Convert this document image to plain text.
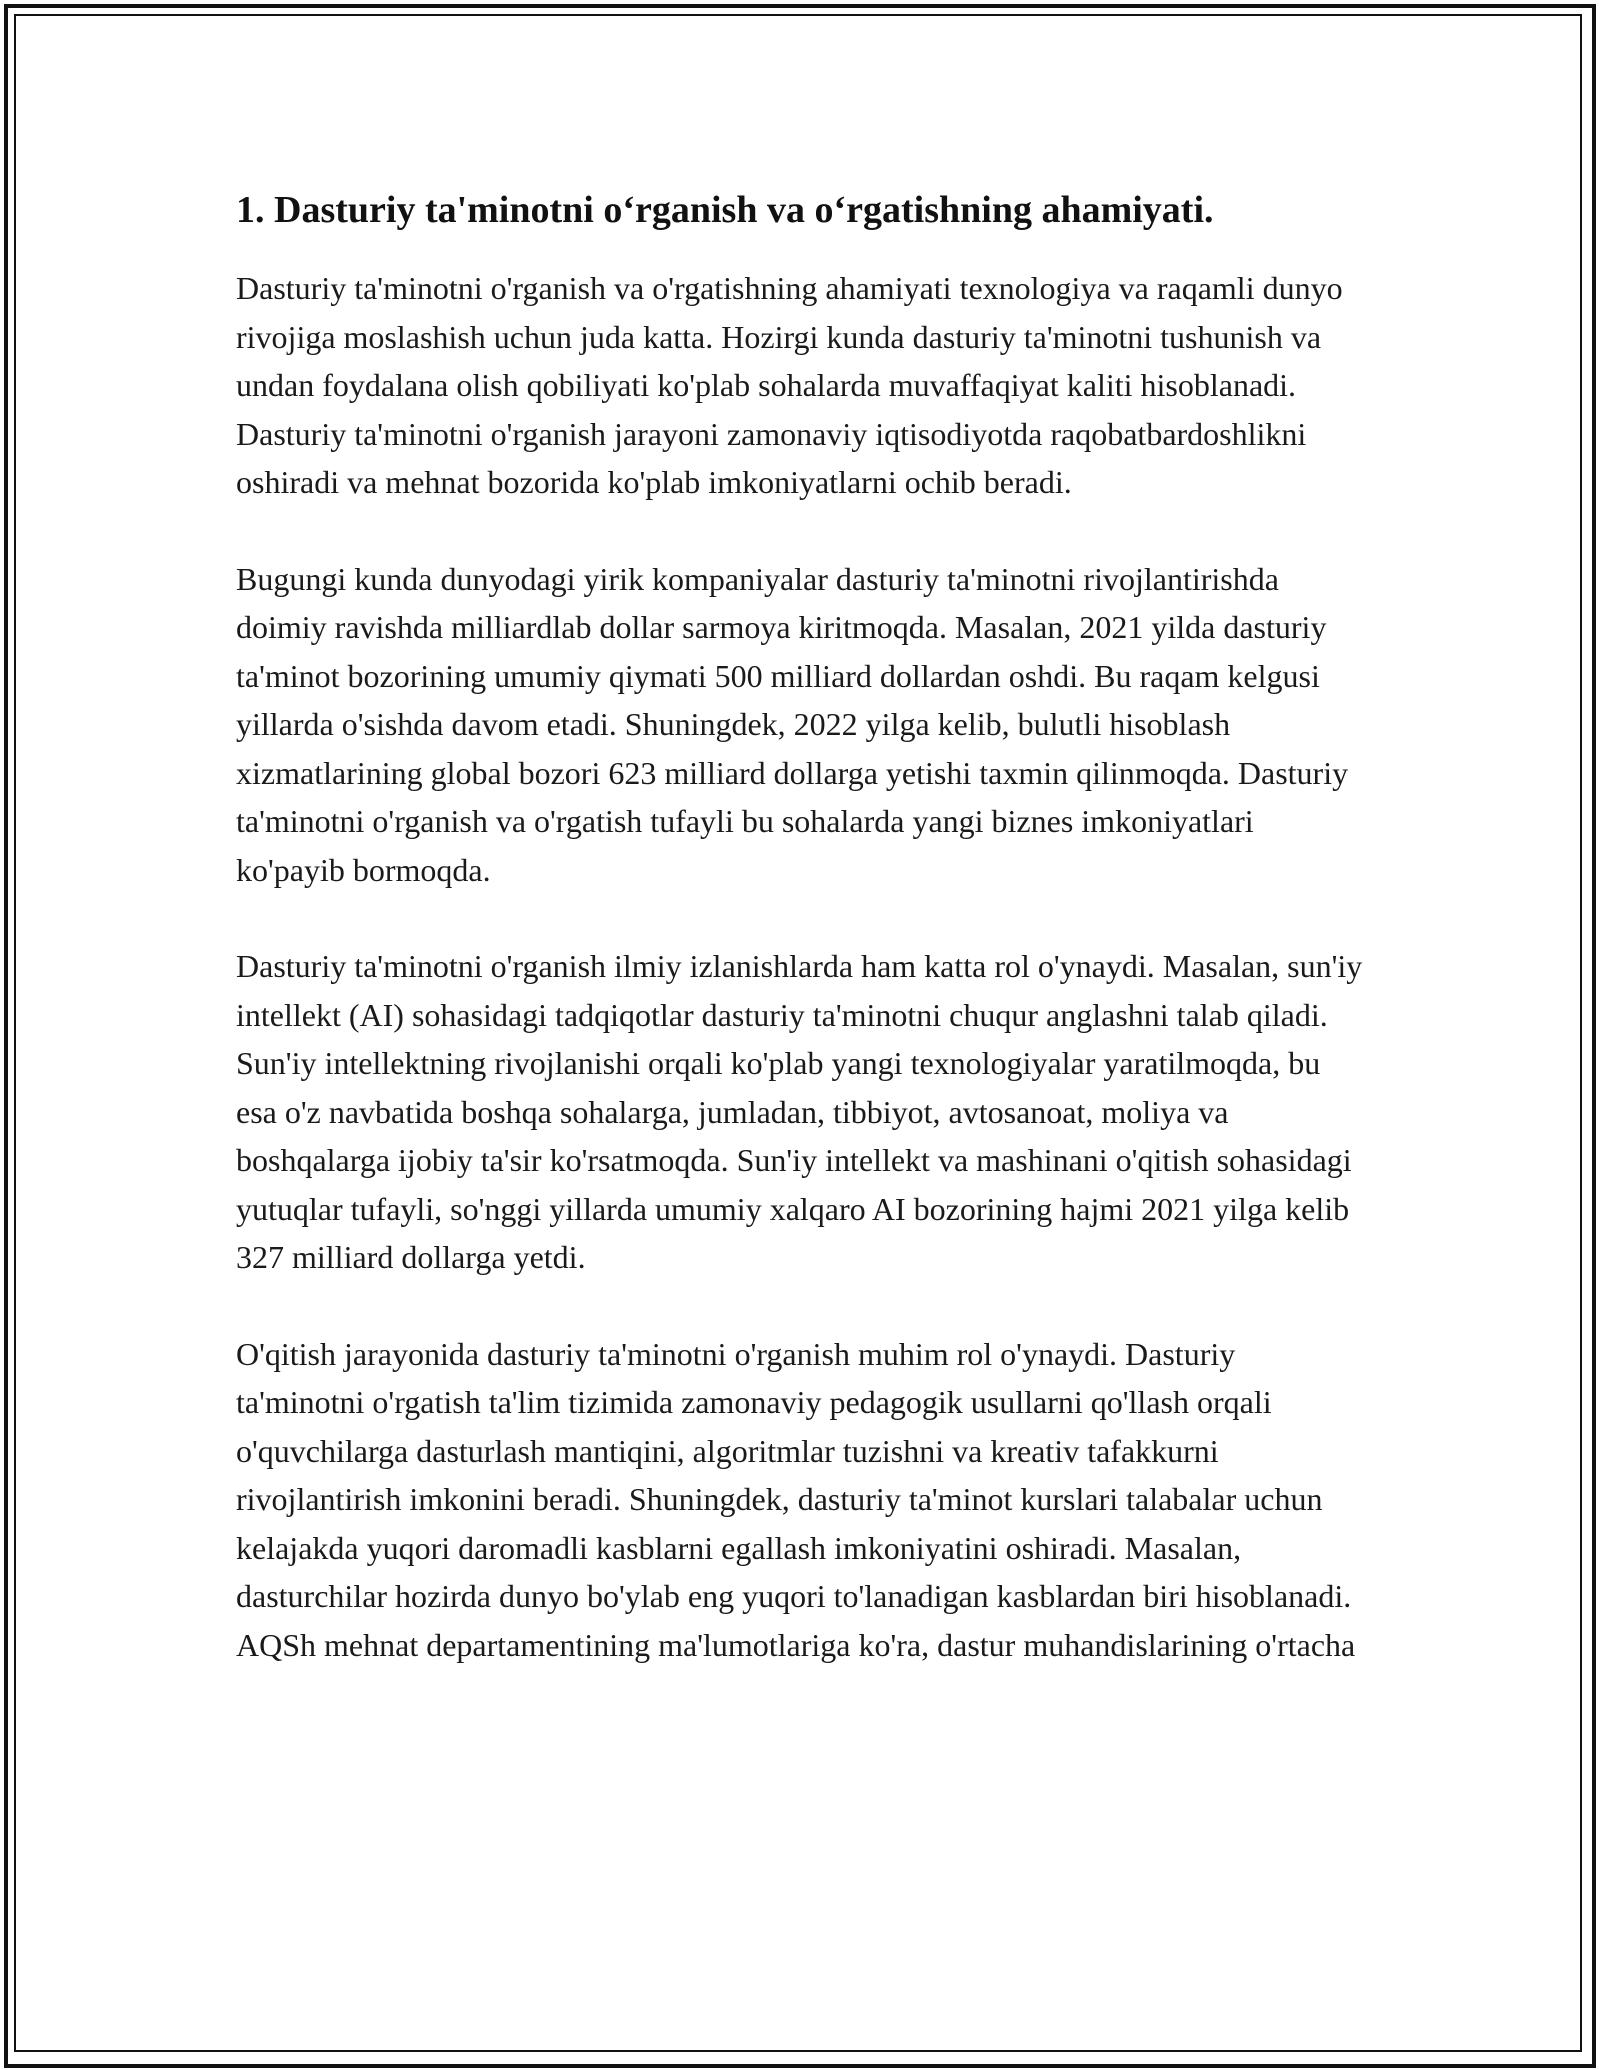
1. Dasturiy ta'minotni o‘rganish va o‘rgatishning ahamiyati.

Dasturiy ta'minotni o'rganish va o'rgatishning ahamiyati texnologiya va raqamli dunyo rivojiga moslashish uchun juda katta. Hozirgi kunda dasturiy ta'minotni tushunish va undan foydalana olish qobiliyati ko'plab sohalarda muvaffaqiyat kaliti hisoblanadi. Dasturiy ta'minotni o'rganish jarayoni zamonaviy iqtisodiyotda raqobatbardoshlikni oshiradi va mehnat bozorida ko'plab imkoniyatlarni ochib beradi.

Bugungi kunda dunyodagi yirik kompaniyalar dasturiy ta'minotni rivojlantirishda doimiy ravishda milliardlab dollar sarmoya kiritmoqda. Masalan, 2021 yilda dasturiy ta'minot bozorining umumiy qiymati 500 milliard dollardan oshdi. Bu raqam kelgusi yillarda o'sishda davom etadi. Shuningdek, 2022 yilga kelib, bulutli hisoblash xizmatlarining global bozori 623 milliard dollarga yetishi taxmin qilinmoqda. Dasturiy ta'minotni o'rganish va o'rgatish tufayli bu sohalarda yangi biznes imkoniyatlari ko'payib bormoqda.

Dasturiy ta'minotni o'rganish ilmiy izlanishlarda ham katta rol o'ynaydi. Masalan, sun'iy intellekt (AI) sohasidagi tadqiqotlar dasturiy ta'minotni chuqur anglashni talab qiladi. Sun'iy intellektning rivojlanishi orqali ko'plab yangi texnologiyalar yaratilmoqda, bu esa o'z navbatida boshqa sohalarga, jumladan, tibbiyot, avtosanoat, moliya va boshqalarga ijobiy ta'sir ko'rsatmoqda. Sun'iy intellekt va mashinani o'qitish sohasidagi yutuqlar tufayli, so'nggi yillarda umumiy xalqaro AI bozorining hajmi 2021 yilga kelib 327 milliard dollarga yetdi.

O'qitish jarayonida dasturiy ta'minotni o'rganish muhim rol o'ynaydi. Dasturiy ta'minotni o'rgatish ta'lim tizimida zamonaviy pedagogik usullarni qo'llash orqali o'quvchilarga dasturlash mantiqini, algoritmlar tuzishni va kreativ tafakkurni rivojlantirish imkonini beradi. Shuningdek, dasturiy ta'minot kurslari talabalar uchun kelajakda yuqori daromadli kasblarni egallash imkoniyatini oshiradi. Masalan, dasturchilar hozirda dunyo bo'ylab eng yuqori to'lanadigan kasblardan biri hisoblanadi. AQSh mehnat departamentining ma'lumotlariga ko'ra, dastur muhandislarining o'rtacha
